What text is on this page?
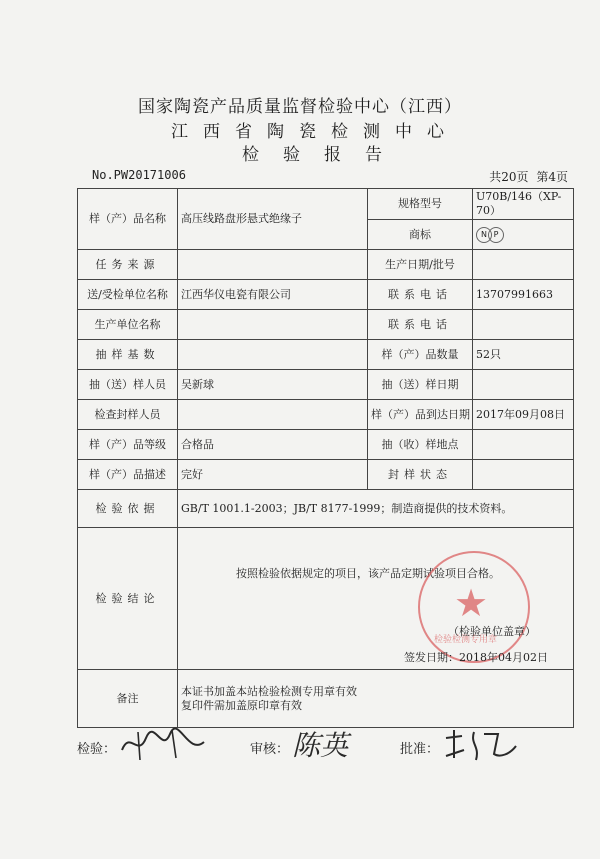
国家陶瓷产品质量监督检验中心（江西）
江西省陶瓷检测中心
检验报告
No.PW20171006	共20页 第4页
样（产）品名称	高压线路盘形悬式绝缘子	规格型号	U70B/146（XP-70）
		商标	N P

任务来源		生产日期/批号	
送/受检单位名称	江西华仪电瓷有限公司	联系电话	13707991663
生产单位名称		联系电话	
抽样基数		样（产）品数量	52只
抽（送）样人员	吴新球	抽（送）样日期	
检查封样人员		样（产）品到达日期	2017年09月08日
样（产）品等级	合格品	抽（收）样地点	
样（产）品描述	完好	封样状态	
检验依据	GB/T 1001.1-2003；JB/T 8177-1999；制造商提供的技术资料。		
检验结论	按照检验依据规定的项目，该产品定期试验项目合格。
★
检验检测专用章
（检验单位盖章）
签发日期：2018年04月02日		

备注	本证书加盖本站检验检测专用章有效
复印件需加盖原印章有效		
检验：	审核： 陈英	批准：
